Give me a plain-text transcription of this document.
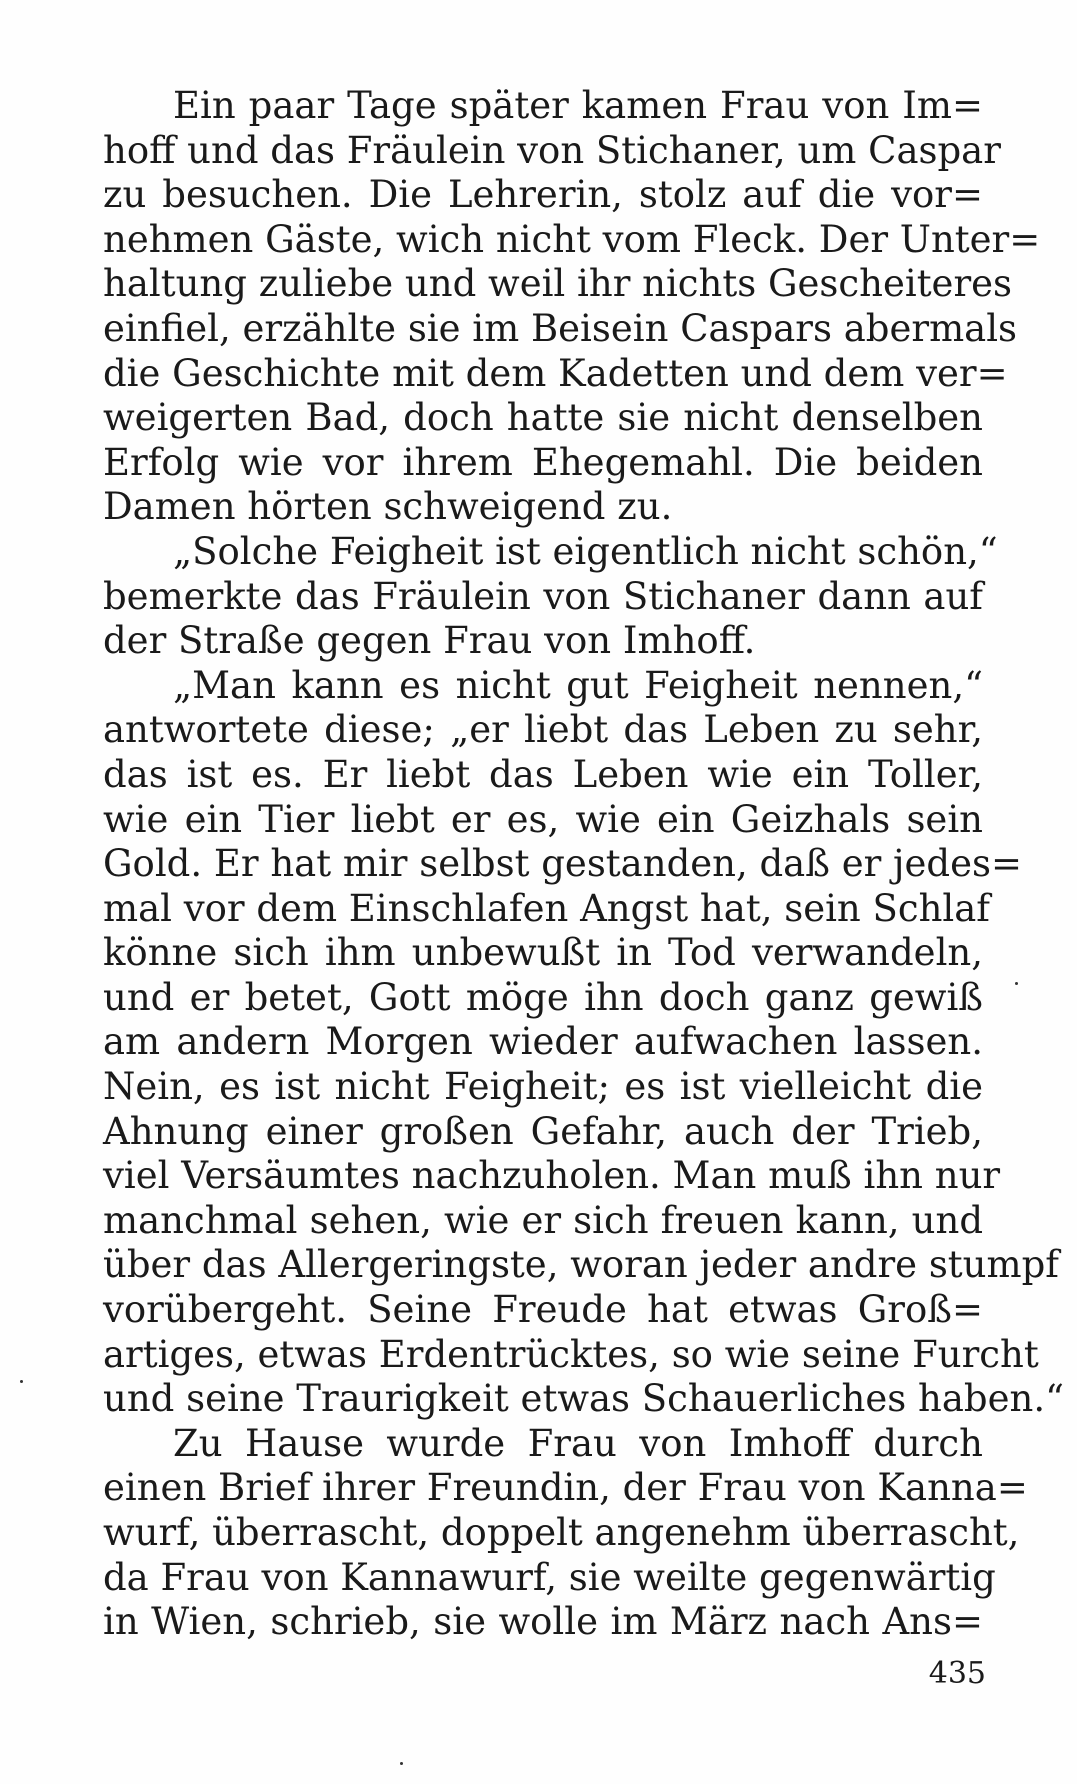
Ein paar Tage später kamen Frau von Im=
hoff und das Fräulein von Stichaner, um Caspar
zu besuchen. Die Lehrerin, stolz auf die vor=
nehmen Gäste, wich nicht vom Fleck. Der Unter=
haltung zuliebe und weil ihr nichts Gescheiteres
einfiel, erzählte sie im Beisein Caspars abermals
die Geschichte mit dem Kadetten und dem ver=
weigerten Bad, doch hatte sie nicht denselben
Erfolg wie vor ihrem Ehegemahl. Die beiden
Damen hörten schweigend zu.

„Solche Feigheit ist eigentlich nicht schön,“
bemerkte das Fräulein von Stichaner dann auf
der Straße gegen Frau von Imhoff.

„Man kann es nicht gut Feigheit nennen,“
antwortete diese; „er liebt das Leben zu sehr,
das ist es. Er liebt das Leben wie ein Toller,
wie ein Tier liebt er es, wie ein Geizhals sein
Gold. Er hat mir selbst gestanden, daß er jedes=
mal vor dem Einschlafen Angst hat, sein Schlaf
könne sich ihm unbewußt in Tod verwandeln,
und er betet, Gott möge ihn doch ganz gewiß
am andern Morgen wieder aufwachen lassen.
Nein, es ist nicht Feigheit; es ist vielleicht die
Ahnung einer großen Gefahr, auch der Trieb,
viel Versäumtes nachzuholen. Man muß ihn nur
manchmal sehen, wie er sich freuen kann, und
über das Allergeringste, woran jeder andre stumpf
vorübergeht. Seine Freude hat etwas Groß=
artiges, etwas Erdentrücktes, so wie seine Furcht
und seine Traurigkeit etwas Schauerliches haben.“

Zu Hause wurde Frau von Imhoff durch
einen Brief ihrer Freundin, der Frau von Kanna=
wurf, überrascht, doppelt angenehm überrascht,
da Frau von Kannawurf, sie weilte gegenwärtig
in Wien, schrieb, sie wolle im März nach Ans=

435
